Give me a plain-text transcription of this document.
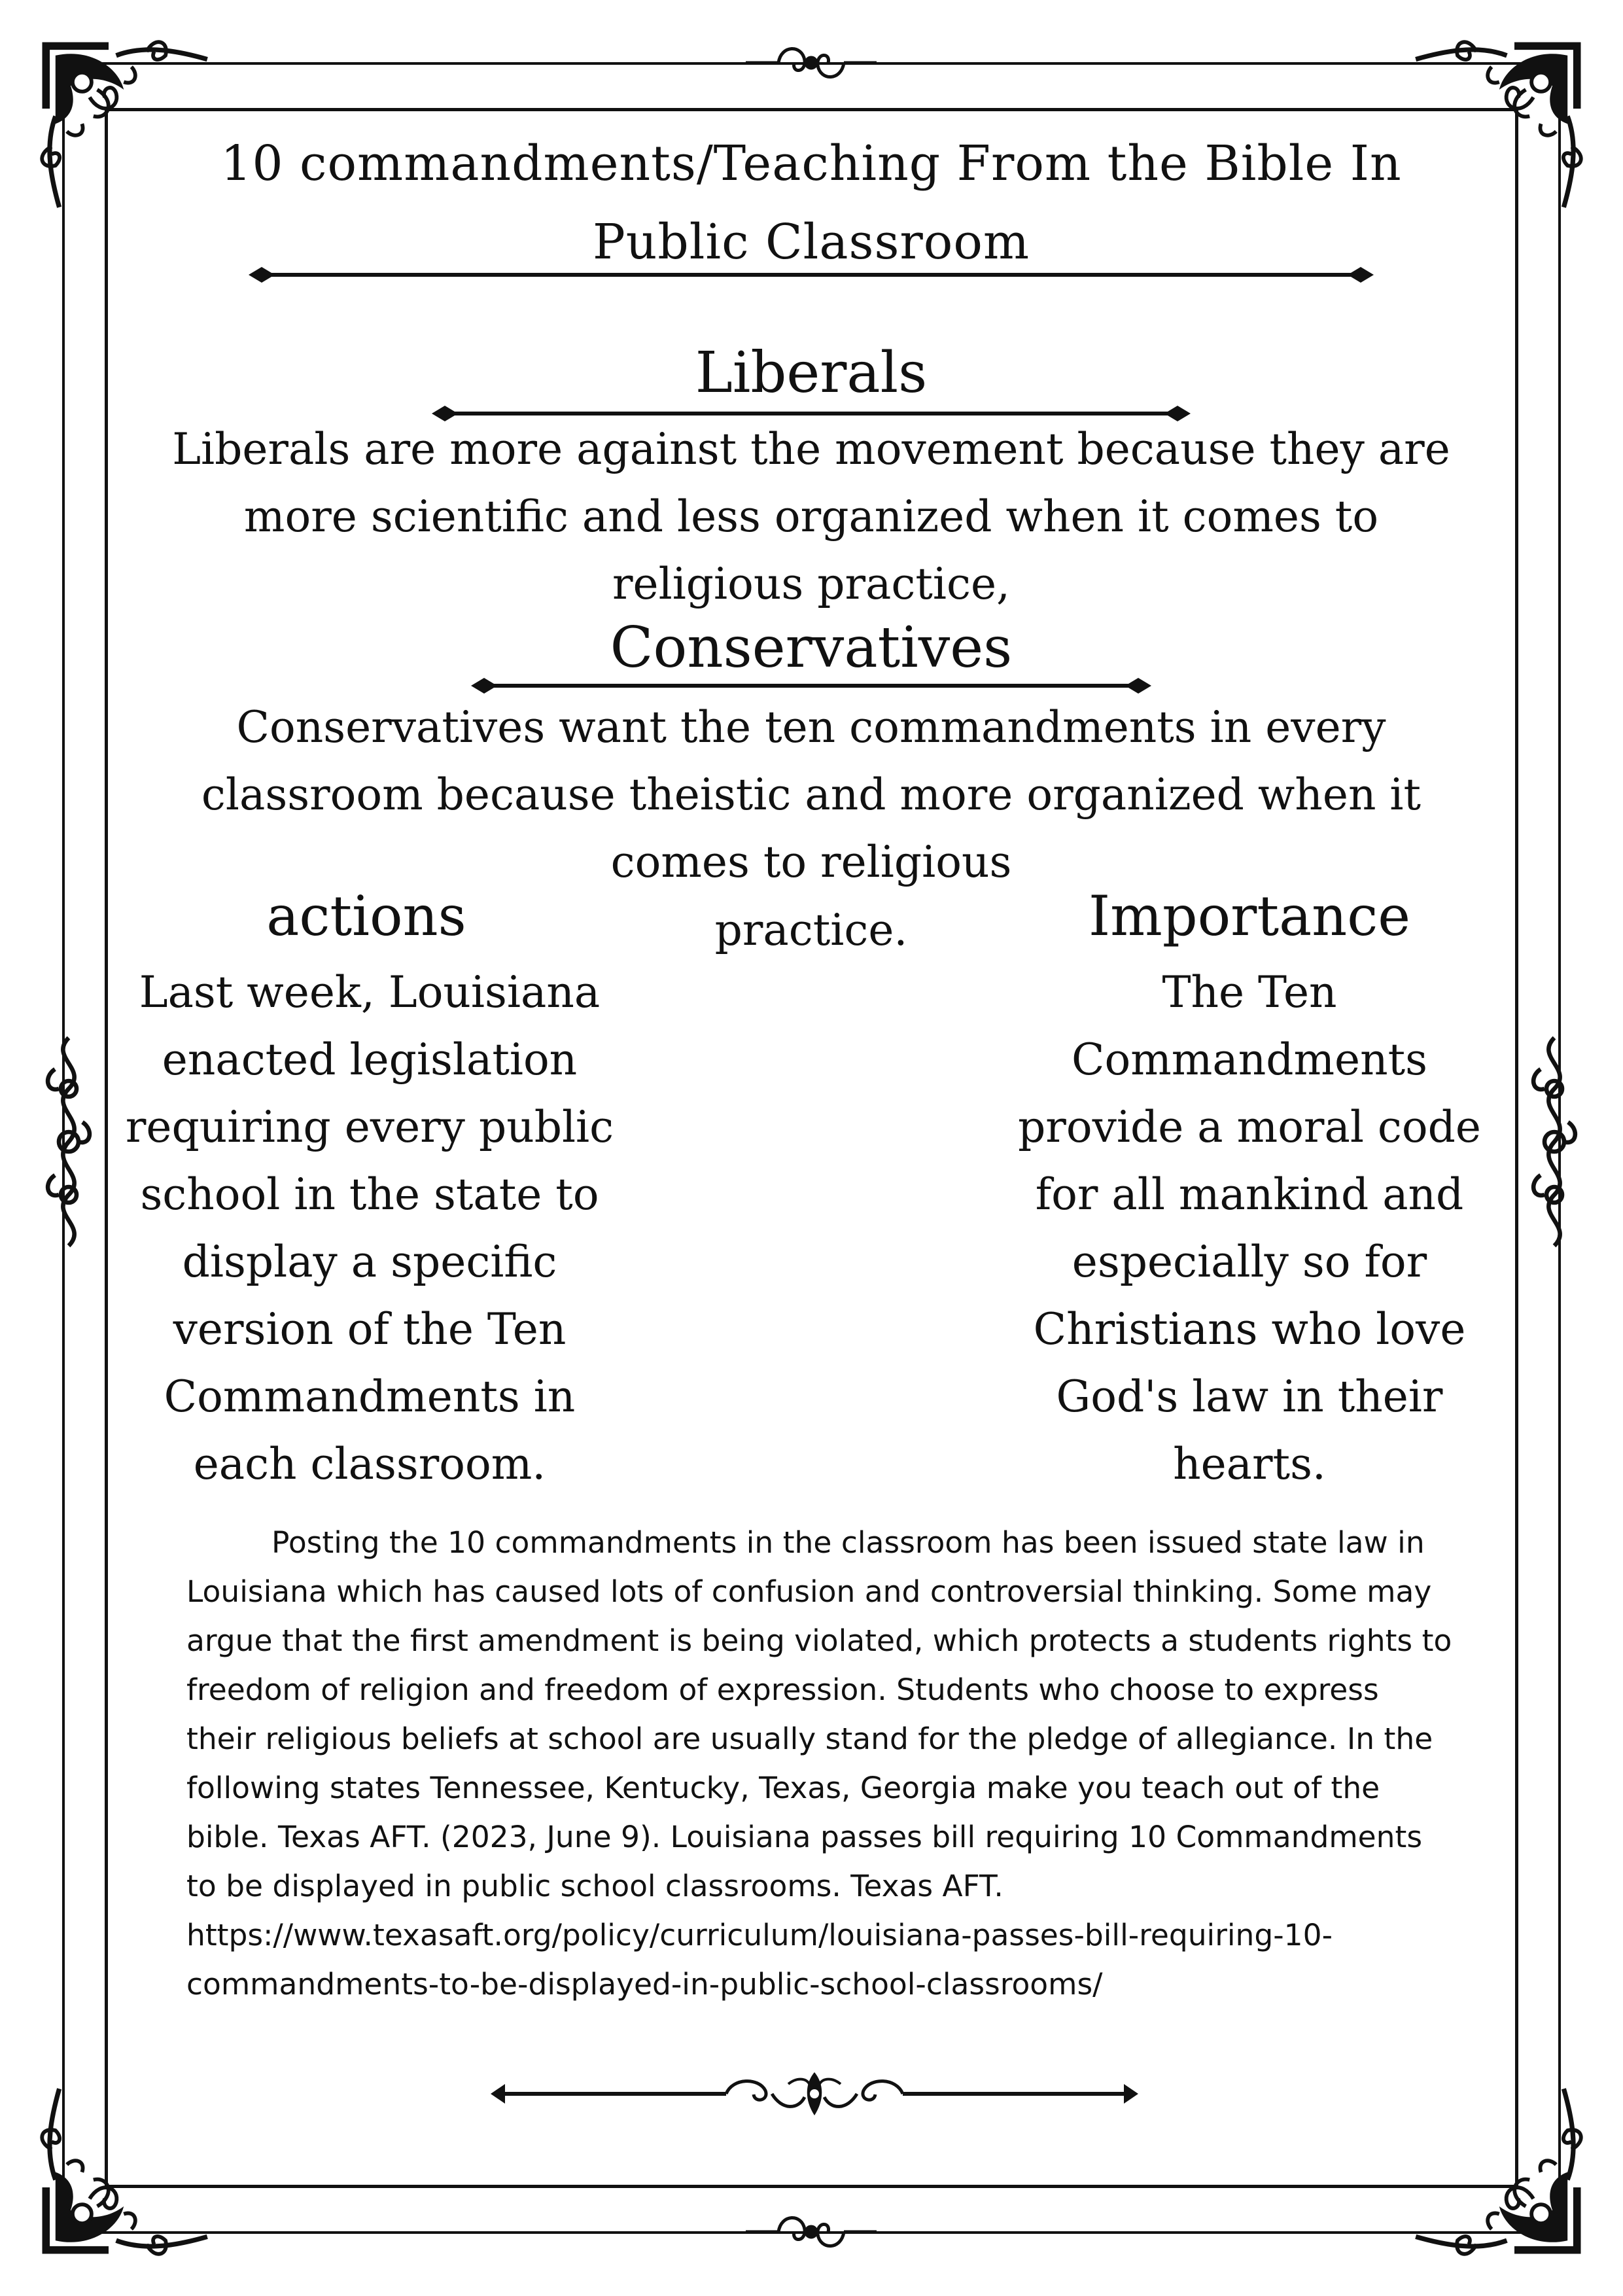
10 commandments/Teaching From the Bible In Public Classroom
Liberals
Liberals are more against the movement because they are more scientific and less organized when it comes to religious practice,
Conservatives
Conservatives want the ten commandments in every classroom because theistic and more organized when it comes to religious
practice.
actions
Last week, Louisiana enacted legislation requiring every public school in the state to display a specific version of the Ten Commandments in each classroom.
Importance
The Ten Commandments provide a moral code for all mankind and especially so for Christians who love God's law in their hearts.
Posting the 10 commandments in the classroom has been issued state law in Louisiana which has caused lots of confusion and controversial thinking. Some may argue that the first amendment is being violated, which protects a students rights to freedom of religion and freedom of expression. Students who choose to express their religious beliefs at school are usually stand for the pledge of allegiance. In the following states Tennessee, Kentucky, Texas, Georgia make you teach out of the bible. Texas AFT. (2023, June 9). Louisiana passes bill requiring 10 Commandments to be displayed in public school classrooms. Texas AFT. https://www.texasaft.org/policy/curriculum/louisiana-passes-bill-requiring-10-commandments-to-be-displayed-in-public-school-classrooms/
